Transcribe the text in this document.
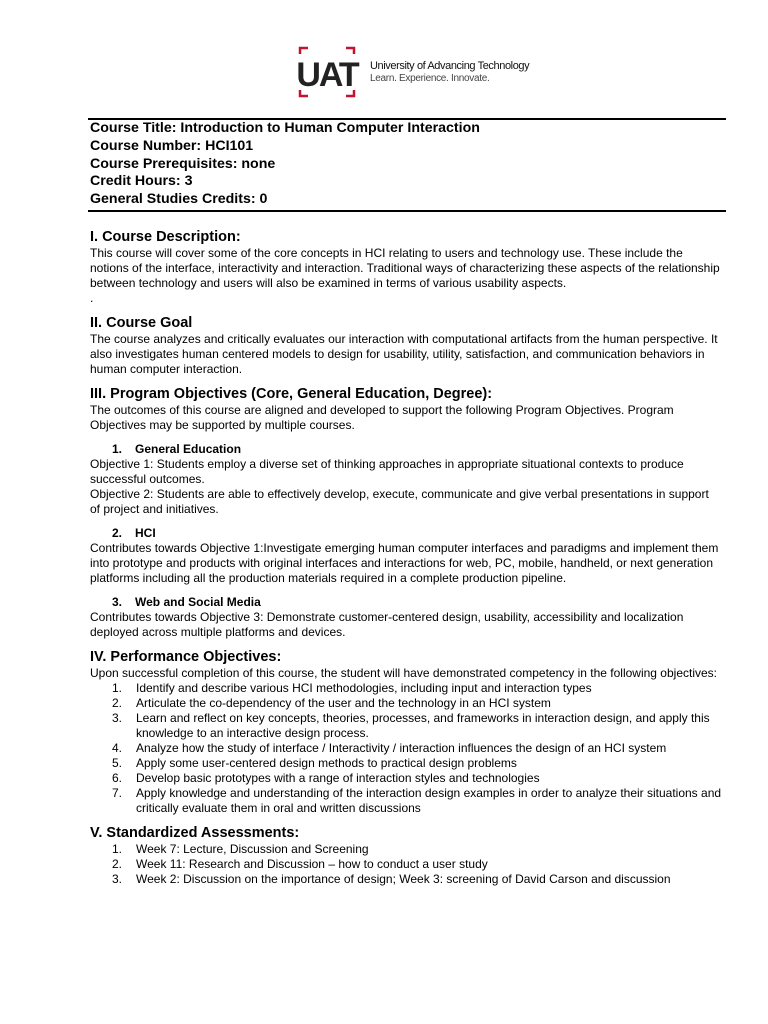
UAT University of Advancing Technology
Learn. Experience. Innovate.
Course Title: Introduction to Human Computer Interaction
Course Number: HCI101
Course Prerequisites: none
Credit Hours: 3
General Studies Credits: 0
I. Course Description:

This course will cover some of the core concepts in HCI relating to users and technology use. These include the notions of the interface, interactivity and interaction. Traditional ways of characterizing these aspects of the relationship between technology and users will also be examined in terms of various usability aspects.

.

II. Course Goal

The course analyzes and critically evaluates our interaction with computational artifacts from the human perspective. It also investigates human centered models to design for usability, utility, satisfaction, and communication behaviors in human computer interaction.

III. Program Objectives (Core, General Education, Degree):

The outcomes of this course are aligned and developed to support the following Program Objectives. Program Objectives may be supported by multiple courses.

1. General Education

Objective 1: Students employ a diverse set of thinking approaches in appropriate situational contexts to produce successful outcomes.

Objective 2: Students are able to effectively develop, execute, communicate and give verbal presentations in support of project and initiatives.

2. HCI

Contributes towards Objective 1:Investigate emerging human computer interfaces and paradigms and implement them into prototype and products with original interfaces and interactions for web, PC, mobile, handheld, or next generation platforms including all the production materials required in a complete production pipeline.

3. Web and Social Media

Contributes towards Objective 3: Demonstrate customer-centered design, usability, accessibility and localization deployed across multiple platforms and devices.

IV. Performance Objectives:

Upon successful completion of this course, the student will have demonstrated competency in the following objectives:

1. Identify and describe various HCI methodologies, including input and interaction types
2. Articulate the co-dependency of the user and the technology in an HCI system
3. Learn and reflect on key concepts, theories, processes, and frameworks in interaction design, and apply this knowledge to an interactive design process.
4. Analyze how the study of interface / Interactivity / interaction influences the design of an HCI system
5. Apply some user-centered design methods to practical design problems
6. Develop basic prototypes with a range of interaction styles and technologies
7. Apply knowledge and understanding of the interaction design examples in order to analyze their situations and critically evaluate them in oral and written discussions
V. Standardized Assessments:
1. Week 7: Lecture, Discussion and Screening
2. Week 11: Research and Discussion – how to conduct a user study
3. Week 2: Discussion on the importance of design; Week 3: screening of David Carson and discussion
